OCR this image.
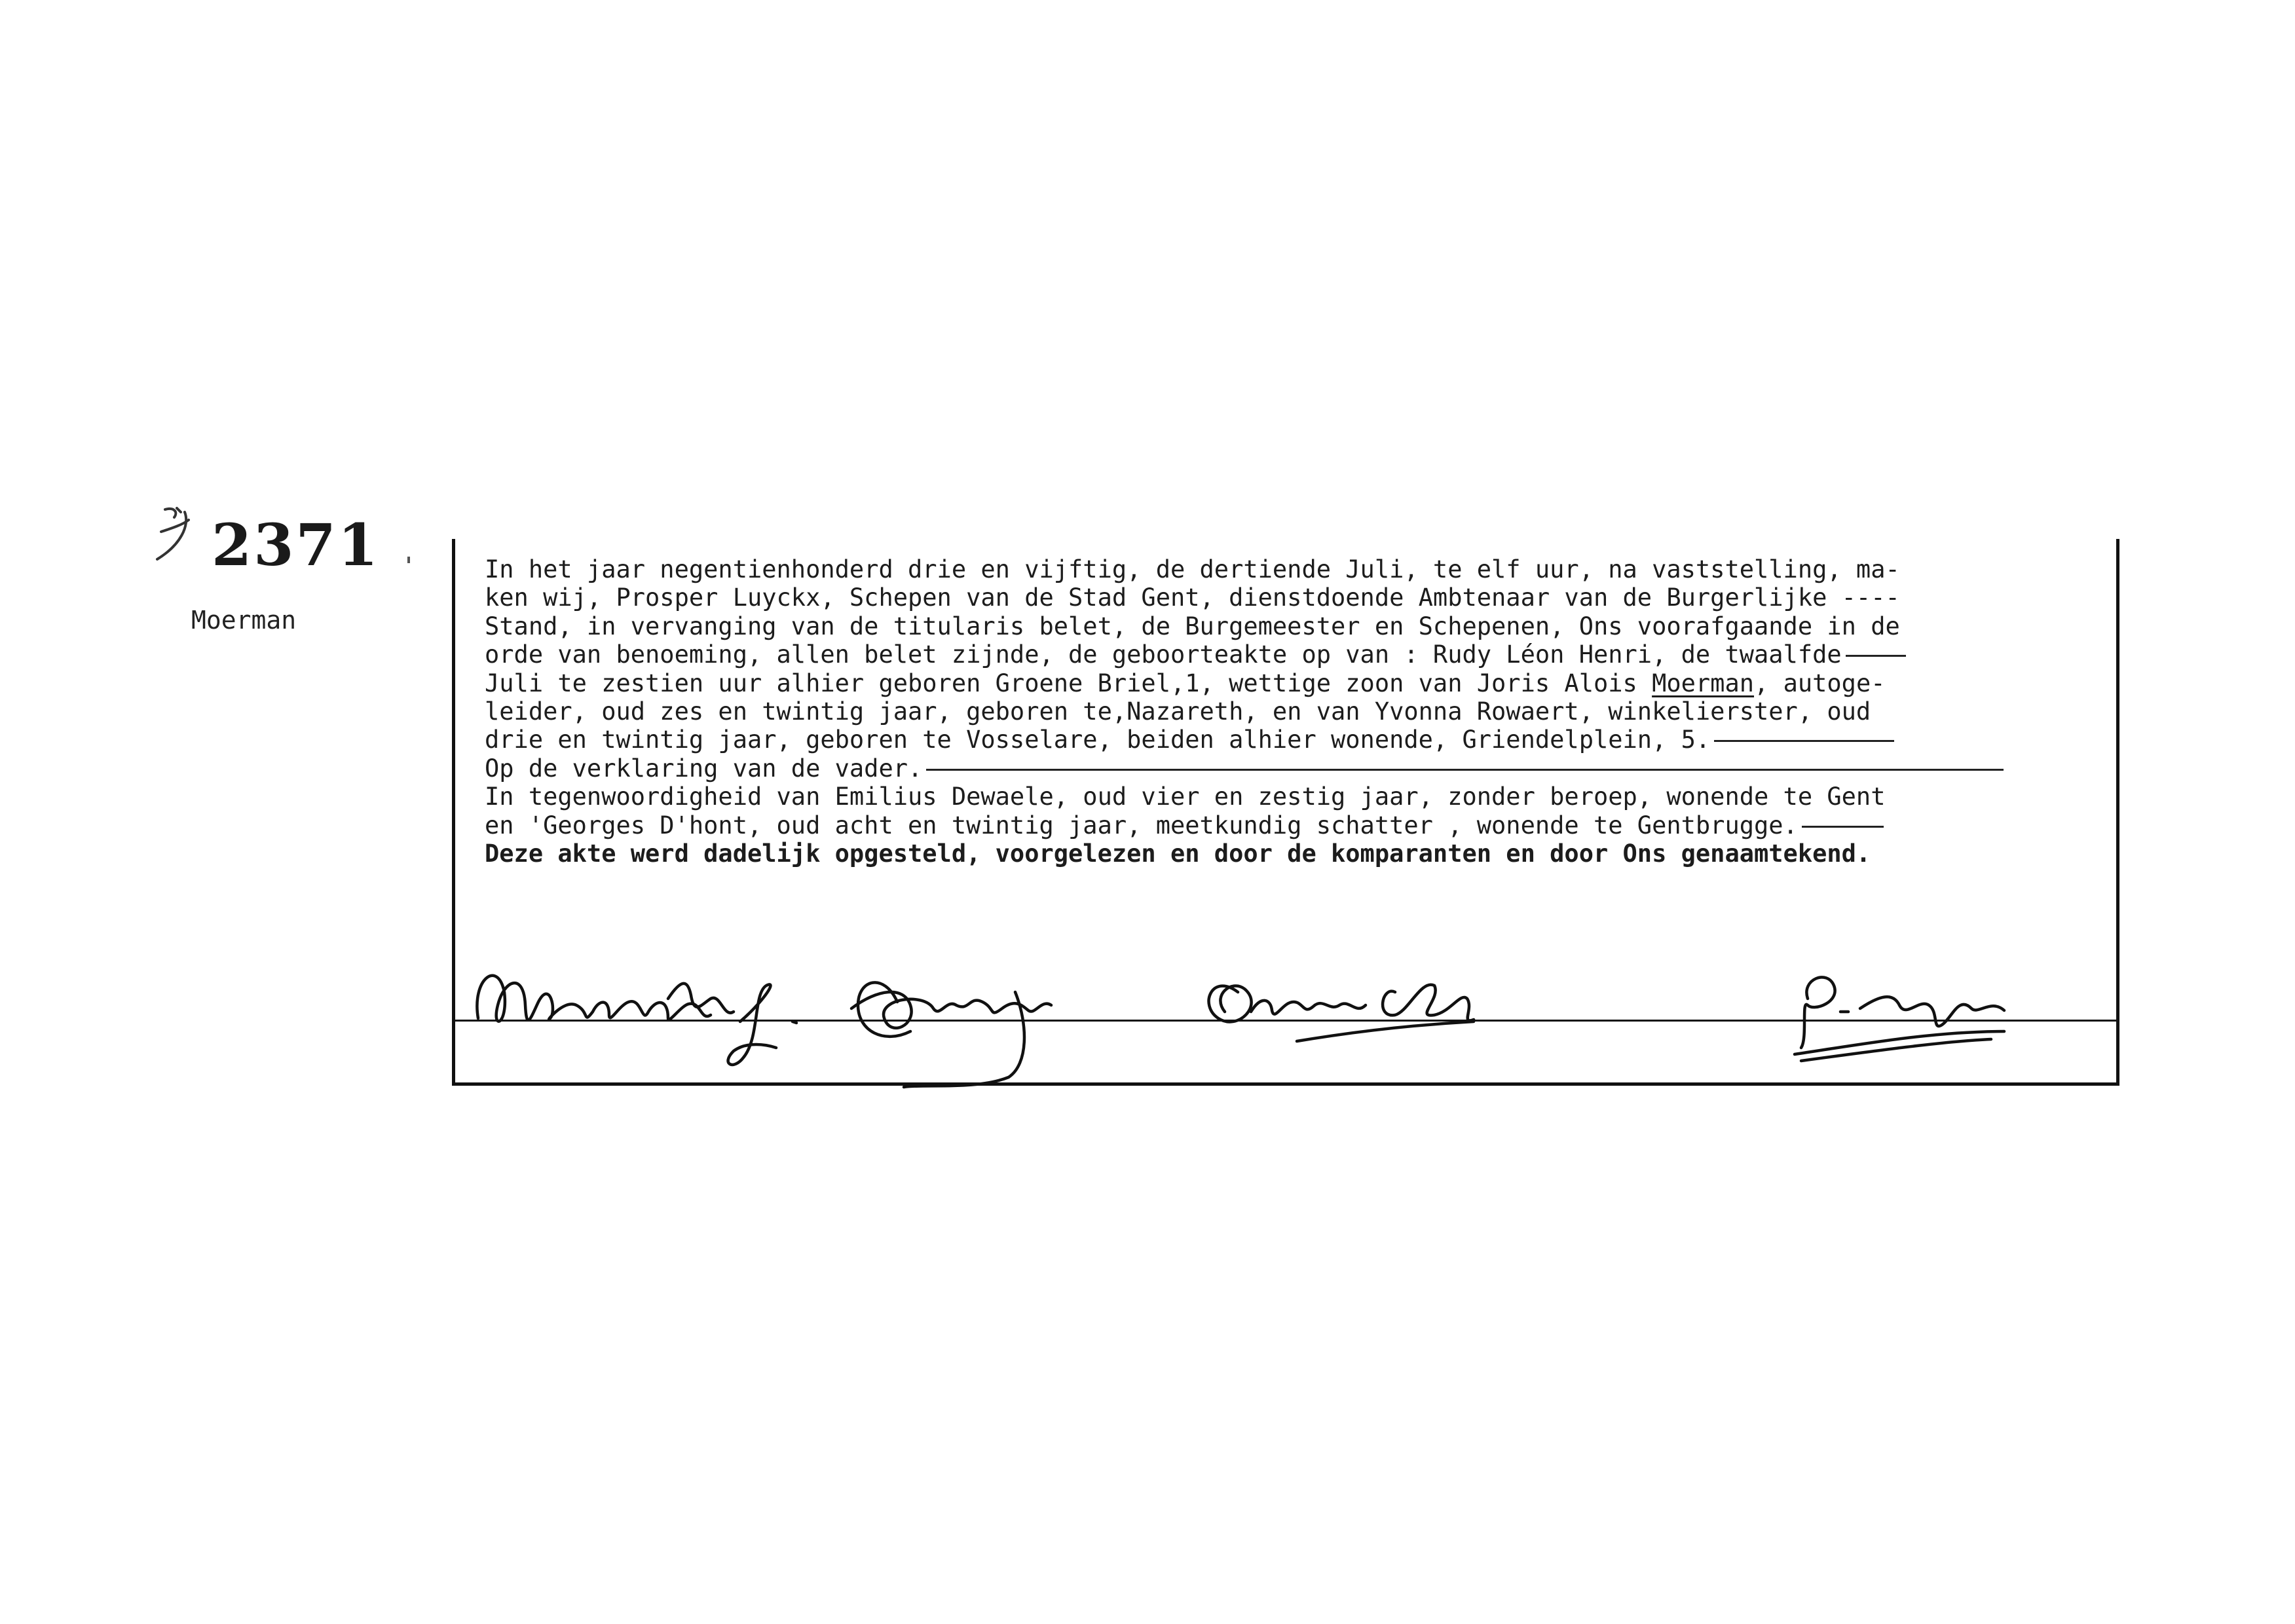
2371
Moerman
In het jaar negentienhonderd drie en vijftig, de dertiende Juli, te elf uur, na vaststelling, ma-
ken wij, Prosper Luyckx, Schepen van de Stad Gent, dienstdoende Ambtenaar van de Burgerlijke ----
Stand, in vervanging van de titularis belet, de Burgemeester en Schepenen, Ons voorafgaande in de
orde van benoeming, allen belet zijnde, de geboorteakte op van : Rudy Léon Henri, de twaalfde
Juli te zestien uur alhier geboren Groene Briel,1, wettige zoon van Joris Alois Moerman, autoge-
leider, oud zes en twintig jaar, geboren te,Nazareth, en van Yvonna Rowaert, winkelierster, oud
drie en twintig jaar, geboren te Vosselare, beiden alhier wonende, Griendelplein, 5.
Op de verklaring van de vader.
In tegenwoordigheid van Emilius Dewaele, oud vier en zestig jaar, zonder beroep, wonende te Gent
en 'Georges D'hont, oud acht en twintig jaar, meetkundig schatter , wonende te Gentbrugge.
Deze akte werd dadelijk opgesteld, voorgelezen en door de komparanten en door Ons genaamtekend.
